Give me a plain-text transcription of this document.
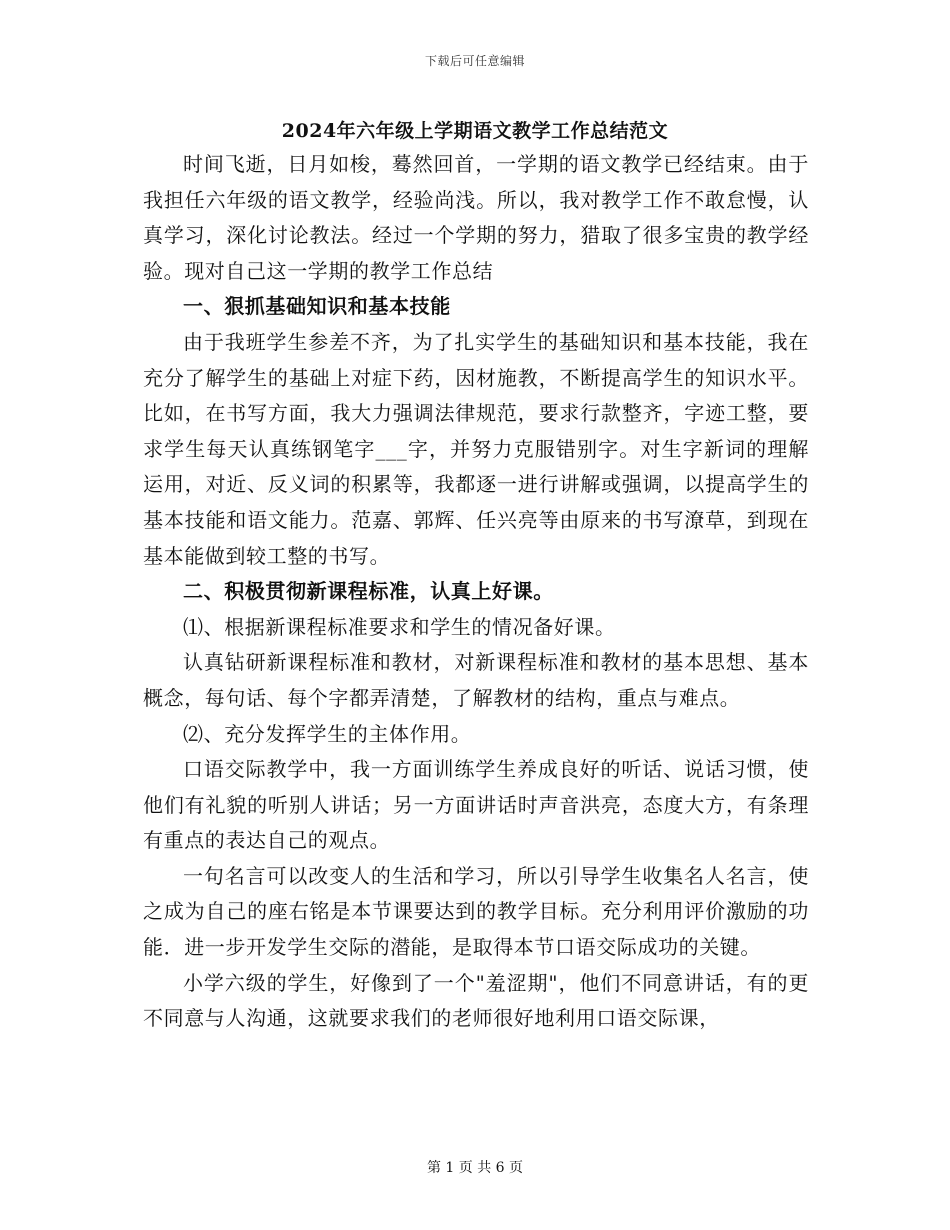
下载后可任意编辑
2024年六年级上学期语文教学工作总结范文

时间飞逝，日月如梭，蓦然回首，一学期的语文教学已经结束。由于我担任六年级的语文教学，经验尚浅。所以，我对教学工作不敢怠慢，认真学习，深化讨论教法。经过一个学期的努力，猎取了很多宝贵的教学经验。现对自己这一学期的教学工作总结

一、狠抓基础知识和基本技能

由于我班学生参差不齐，为了扎实学生的基础知识和基本技能，我在充分了解学生的基础上对症下药，因材施教，不断提高学生的知识水平。比如，在书写方面，我大力强调法律规范，要求行款整齐，字迹工整，要求学生每天认真练钢笔字___字，并努力克服错别字。对生字新词的理解运用，对近、反义词的积累等，我都逐一进行讲解或强调，以提高学生的基本技能和语文能力。范嘉、郭辉、任兴亮等由原来的书写潦草，到现在基本能做到较工整的书写。

二、积极贯彻新课程标准，认真上好课。

⑴、根据新课程标准要求和学生的情况备好课。

认真钻研新课程标准和教材，对新课程标准和教材的基本思想、基本概念，每句话、每个字都弄清楚，了解教材的结构，重点与难点。

⑵、充分发挥学生的主体作用。

口语交际教学中，我一方面训练学生养成良好的听话、说话习惯，使他们有礼貌的听别人讲话；另一方面讲话时声音洪亮，态度大方，有条理有重点的表达自己的观点。

一句名言可以改变人的生活和学习，所以引导学生收集名人名言，使之成为自己的座右铭是本节课要达到的教学目标。充分利用评价激励的功能．进一步开发学生交际的潜能，是取得本节口语交际成功的关键。

小学六级的学生，好像到了一个"羞涩期"，他们不同意讲话，有的更不同意与人沟通，这就要求我们的老师很好地利用口语交际课，

第 1 页 共 6 页
